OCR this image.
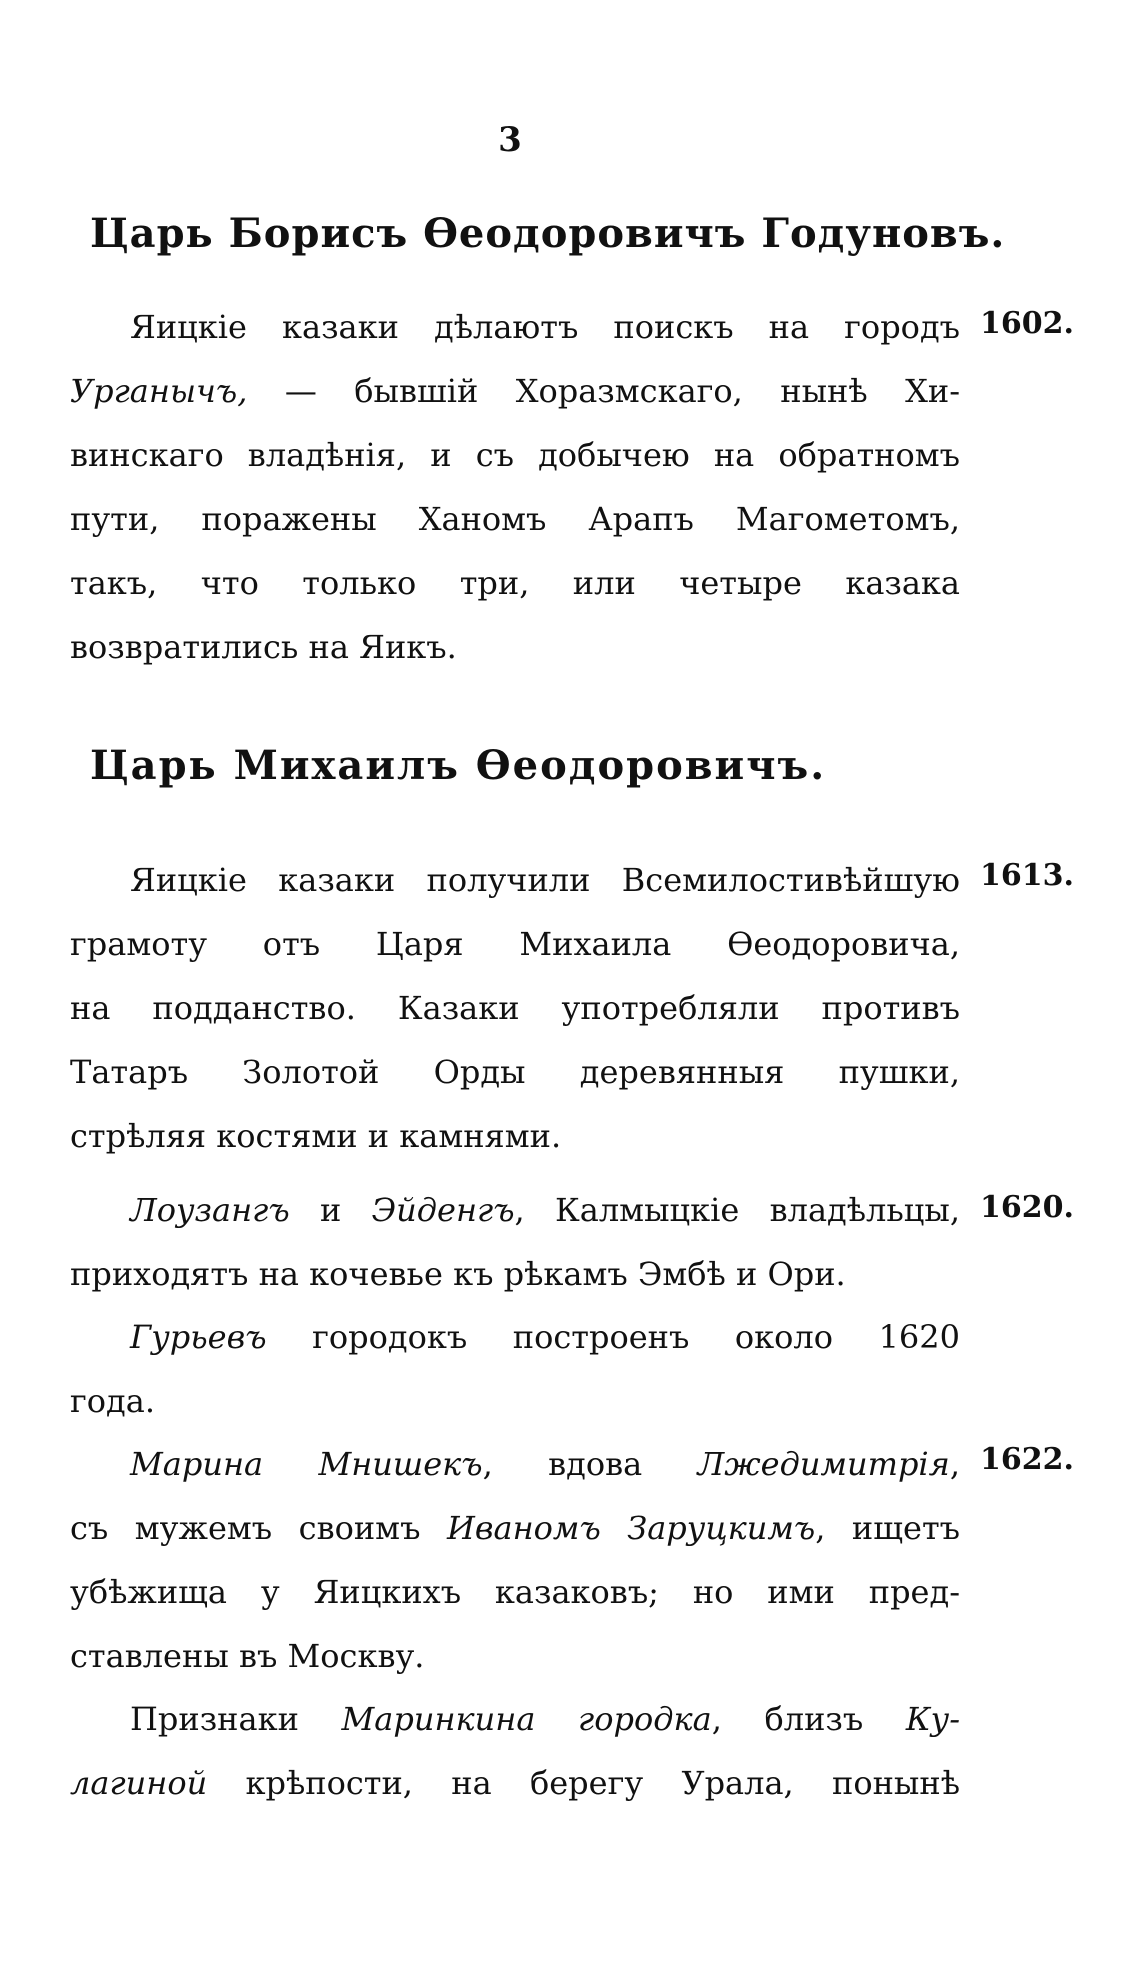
3
Царь Борисъ Өеодоровичъ Годуновъ.
1602.
Яицкіе казаки дѣлаютъ поискъ на городъ
Урганычъ, — бывшій Хоразмскаго, нынѣ Хи-
винскаго владѣнія, и съ добычею на обратномъ
пути, поражены Ханомъ Арапъ Магометомъ,
такъ, что только три, или четыре казака
возвратились на Яикъ.
Царь Михаилъ Өеодоровичъ.
1613.
Яицкіе казаки получили Всемилостивѣйшую
грамоту отъ Царя Михаила Өеодоровича,
на подданство. Казаки употребляли противъ
Татаръ Золотой Орды деревянныя пушки,
стрѣляя костями и камнями.
1620.
Лоузангъ и Эйденгъ, Калмыцкіе владѣльцы,
приходятъ на кочевье къ рѣкамъ Эмбѣ и Ори.
Гурьевъ городокъ построенъ около 1620
года.
1622.
Марина Мнишекъ, вдова Лжедимитрія,
съ мужемъ своимъ Иваномъ Заруцкимъ, ищетъ
убѣжища у Яицкихъ казаковъ; но ими пред-
ставлены въ Москву.
Признаки Маринкина городка, близъ Ку-
лагиной крѣпости, на берегу Урала, понынѣ
